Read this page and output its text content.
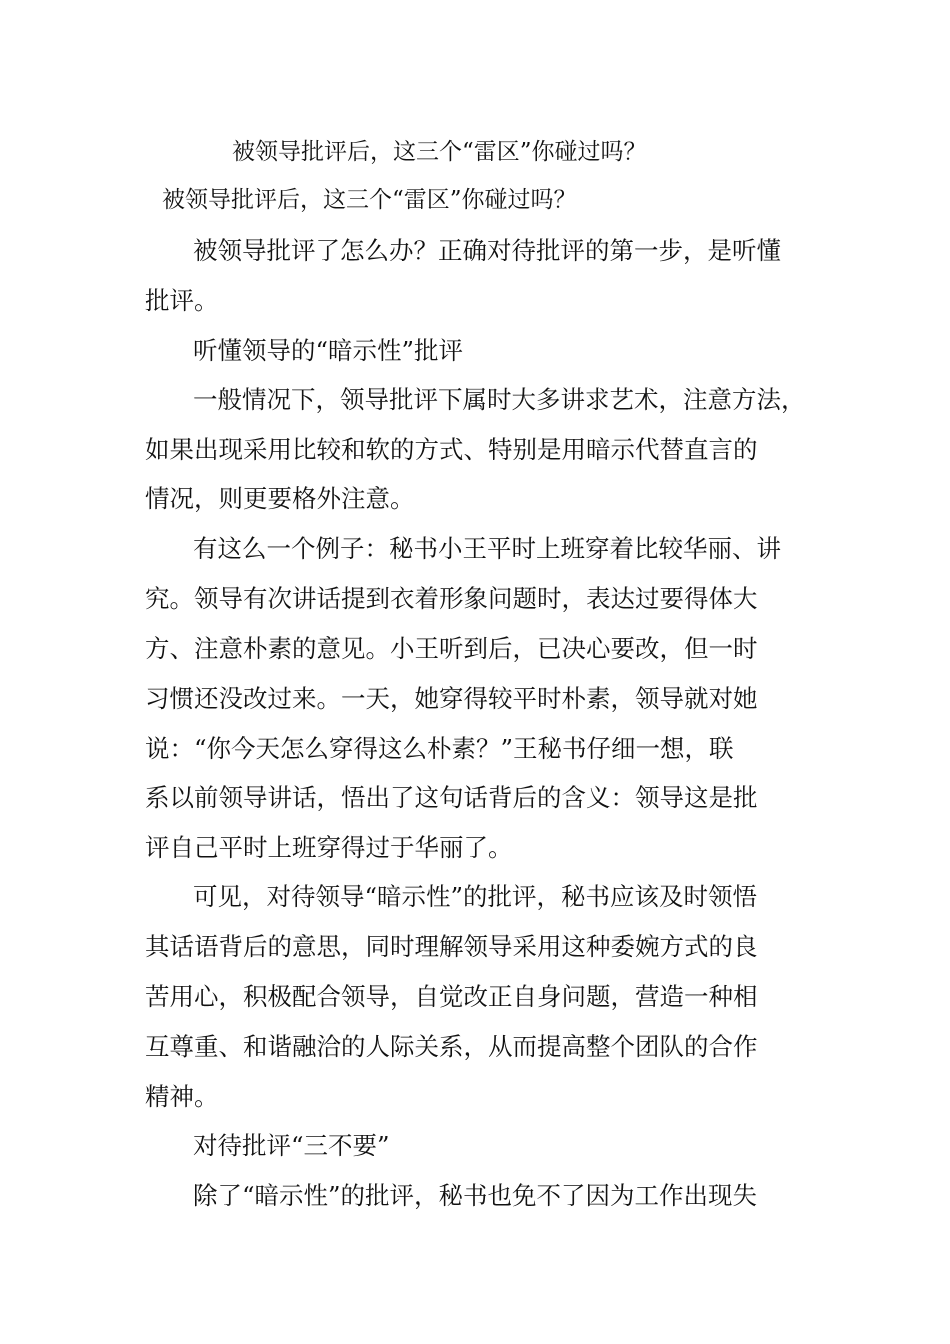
被领导批评后，这三个“雷区”你碰过吗？
被领导批评后，这三个“雷区”你碰过吗？
被领导批评了怎么办？正确对待批评的第一步，是听懂
批评。
听懂领导的“暗示性”批评
一般情况下，领导批评下属时大多讲求艺术，注意方法，
如果出现采用比较和软的方式、特别是用暗示代替直言的
情况，则更要格外注意。
有这么一个例子：秘书小王平时上班穿着比较华丽、讲
究。领导有次讲话提到衣着形象问题时，表达过要得体大
方、注意朴素的意见。小王听到后，已决心要改，但一时
习惯还没改过来。一天，她穿得较平时朴素，领导就对她
说：“你今天怎么穿得这么朴素？”王秘书仔细一想，联
系以前领导讲话，悟出了这句话背后的含义：领导这是批
评自己平时上班穿得过于华丽了。
可见，对待领导“暗示性”的批评，秘书应该及时领悟
其话语背后的意思，同时理解领导采用这种委婉方式的良
苦用心，积极配合领导，自觉改正自身问题，营造一种相
互尊重、和谐融洽的人际关系，从而提高整个团队的合作
精神。
对待批评“三不要”
除了“暗示性”的批评，秘书也免不了因为工作出现失
